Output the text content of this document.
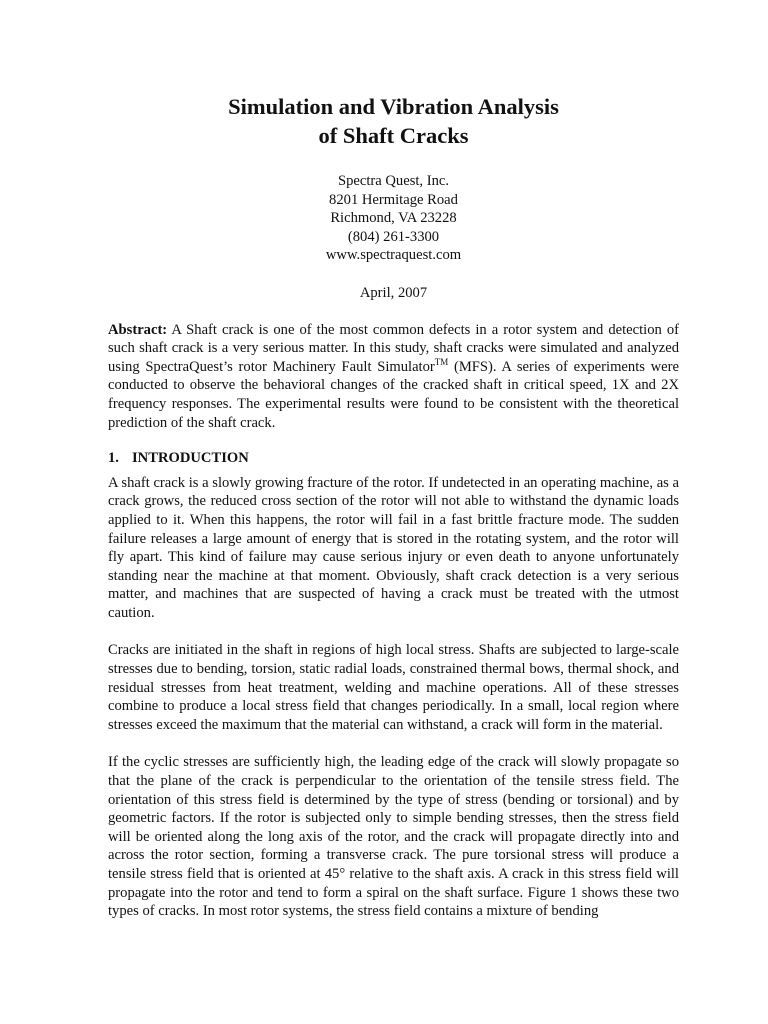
Simulation and Vibration Analysis
of Shaft Cracks
Spectra Quest, Inc.
8201 Hermitage Road
Richmond, VA 23228
(804) 261-3300
www.spectraquest.com
April, 2007
Abstract: A Shaft crack is one of the most common defects in a rotor system and detection of such shaft crack is a very serious matter. In this study, shaft cracks were simulated and analyzed using SpectraQuest’s rotor Machinery Fault Simulator™ (MFS). A series of experiments were conducted to observe the behavioral changes of the cracked shaft in critical speed, 1X and 2X frequency responses. The experimental results were found to be consistent with the theoretical prediction of the shaft crack.
1. INTRODUCTION
A shaft crack is a slowly growing fracture of the rotor. If undetected in an operating machine, as a crack grows, the reduced cross section of the rotor will not able to withstand the dynamic loads applied to it. When this happens, the rotor will fail in a fast brittle fracture mode. The sudden failure releases a large amount of energy that is stored in the rotating system, and the rotor will fly apart. This kind of failure may cause serious injury or even death to anyone unfortunately standing near the machine at that moment. Obviously, shaft crack detection is a very serious matter, and machines that are suspected of having a crack must be treated with the utmost caution.
Cracks are initiated in the shaft in regions of high local stress. Shafts are subjected to large-scale stresses due to bending, torsion, static radial loads, constrained thermal bows, thermal shock, and residual stresses from heat treatment, welding and machine operations. All of these stresses combine to produce a local stress field that changes periodically. In a small, local region where stresses exceed the maximum that the material can withstand, a crack will form in the material.
If the cyclic stresses are sufficiently high, the leading edge of the crack will slowly propagate so that the plane of the crack is perpendicular to the orientation of the tensile stress field. The orientation of this stress field is determined by the type of stress (bending or torsional) and by geometric factors. If the rotor is subjected only to simple bending stresses, then the stress field will be oriented along the long axis of the rotor, and the crack will propagate directly into and across the rotor section, forming a transverse crack. The pure torsional stress will produce a tensile stress field that is oriented at 45° relative to the shaft axis. A crack in this stress field will propagate into the rotor and tend to form a spiral on the shaft surface. Figure 1 shows these two types of cracks. In most rotor systems, the stress field contains a mixture of bending
